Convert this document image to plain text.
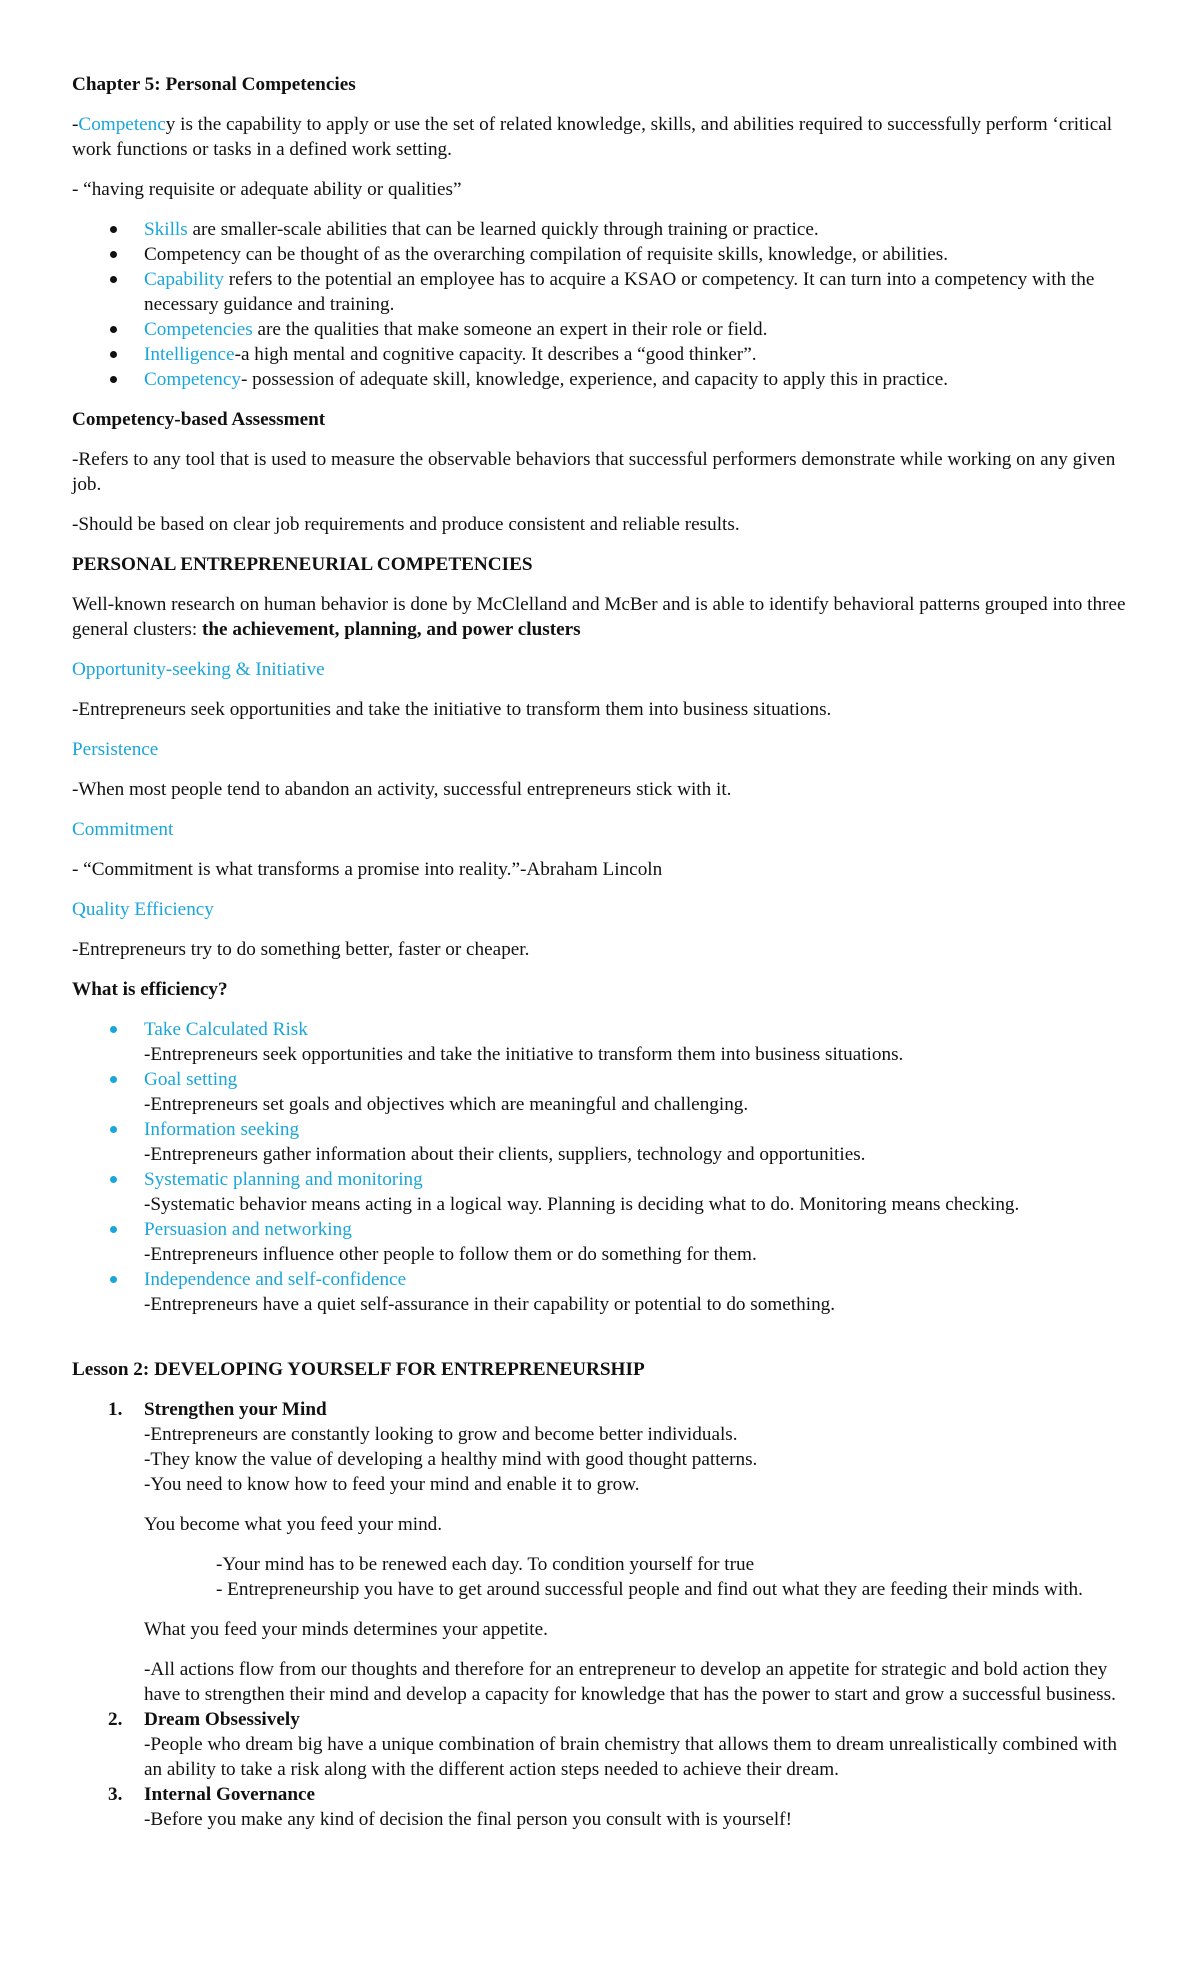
Chapter 5: Personal Competencies

-Competency is the capability to apply or use the set of related knowledge, skills, and abilities required to successfully perform ‘critical work functions or tasks in a defined work setting.

- “having requisite or adequate ability or qualities”

Skills are smaller-scale abilities that can be learned quickly through training or practice.
Competency can be thought of as the overarching compilation of requisite skills, knowledge, or abilities.
Capability refers to the potential an employee has to acquire a KSAO or competency. It can turn into a competency with the necessary guidance and training.
Competencies are the qualities that make someone an expert in their role or field.
Intelligence-a high mental and cognitive capacity. It describes a “good thinker”.
Competency- possession of adequate skill, knowledge, experience, and capacity to apply this in practice.

Competency-based Assessment

-Refers to any tool that is used to measure the observable behaviors that successful performers demonstrate while working on any given job.

-Should be based on clear job requirements and produce consistent and reliable results.

PERSONAL ENTREPRENEURIAL COMPETENCIES

Well-known research on human behavior is done by McClelland and McBer and is able to identify behavioral patterns grouped into three general clusters: the achievement, planning, and power clusters

Opportunity-seeking & Initiative

-Entrepreneurs seek opportunities and take the initiative to transform them into business situations.

Persistence

-When most people tend to abandon an activity, successful entrepreneurs stick with it.

Commitment

- “Commitment is what transforms a promise into reality.”-Abraham Lincoln

Quality Efficiency

-Entrepreneurs try to do something better, faster or cheaper.

What is efficiency?

Take Calculated Risk
-Entrepreneurs seek opportunities and take the initiative to transform them into business situations.
Goal setting
-Entrepreneurs set goals and objectives which are meaningful and challenging.
Information seeking
-Entrepreneurs gather information about their clients, suppliers, technology and opportunities.
Systematic planning and monitoring
-Systematic behavior means acting in a logical way. Planning is deciding what to do. Monitoring means checking.
Persuasion and networking
-Entrepreneurs influence other people to follow them or do something for them.
Independence and self-confidence
-Entrepreneurs have a quiet self-assurance in their capability or potential to do something.

Lesson 2: DEVELOPING YOURSELF FOR ENTREPRENEURSHIP

1. Strengthen your Mind
-Entrepreneurs are constantly looking to grow and become better individuals.
-They know the value of developing a healthy mind with good thought patterns.
-You need to know how to feed your mind and enable it to grow.

You become what you feed your mind.

-Your mind has to be renewed each day. To condition yourself for true
- Entrepreneurship you have to get around successful people and find out what they are feeding their minds with.

What you feed your minds determines your appetite.

-All actions flow from our thoughts and therefore for an entrepreneur to develop an appetite for strategic and bold action they have to strengthen their mind and develop a capacity for knowledge that has the power to start and grow a successful business.
2. Dream Obsessively
-People who dream big have a unique combination of brain chemistry that allows them to dream unrealistically combined with an ability to take a risk along with the different action steps needed to achieve their dream.
3. Internal Governance
-Before you make any kind of decision the final person you consult with is yourself!
